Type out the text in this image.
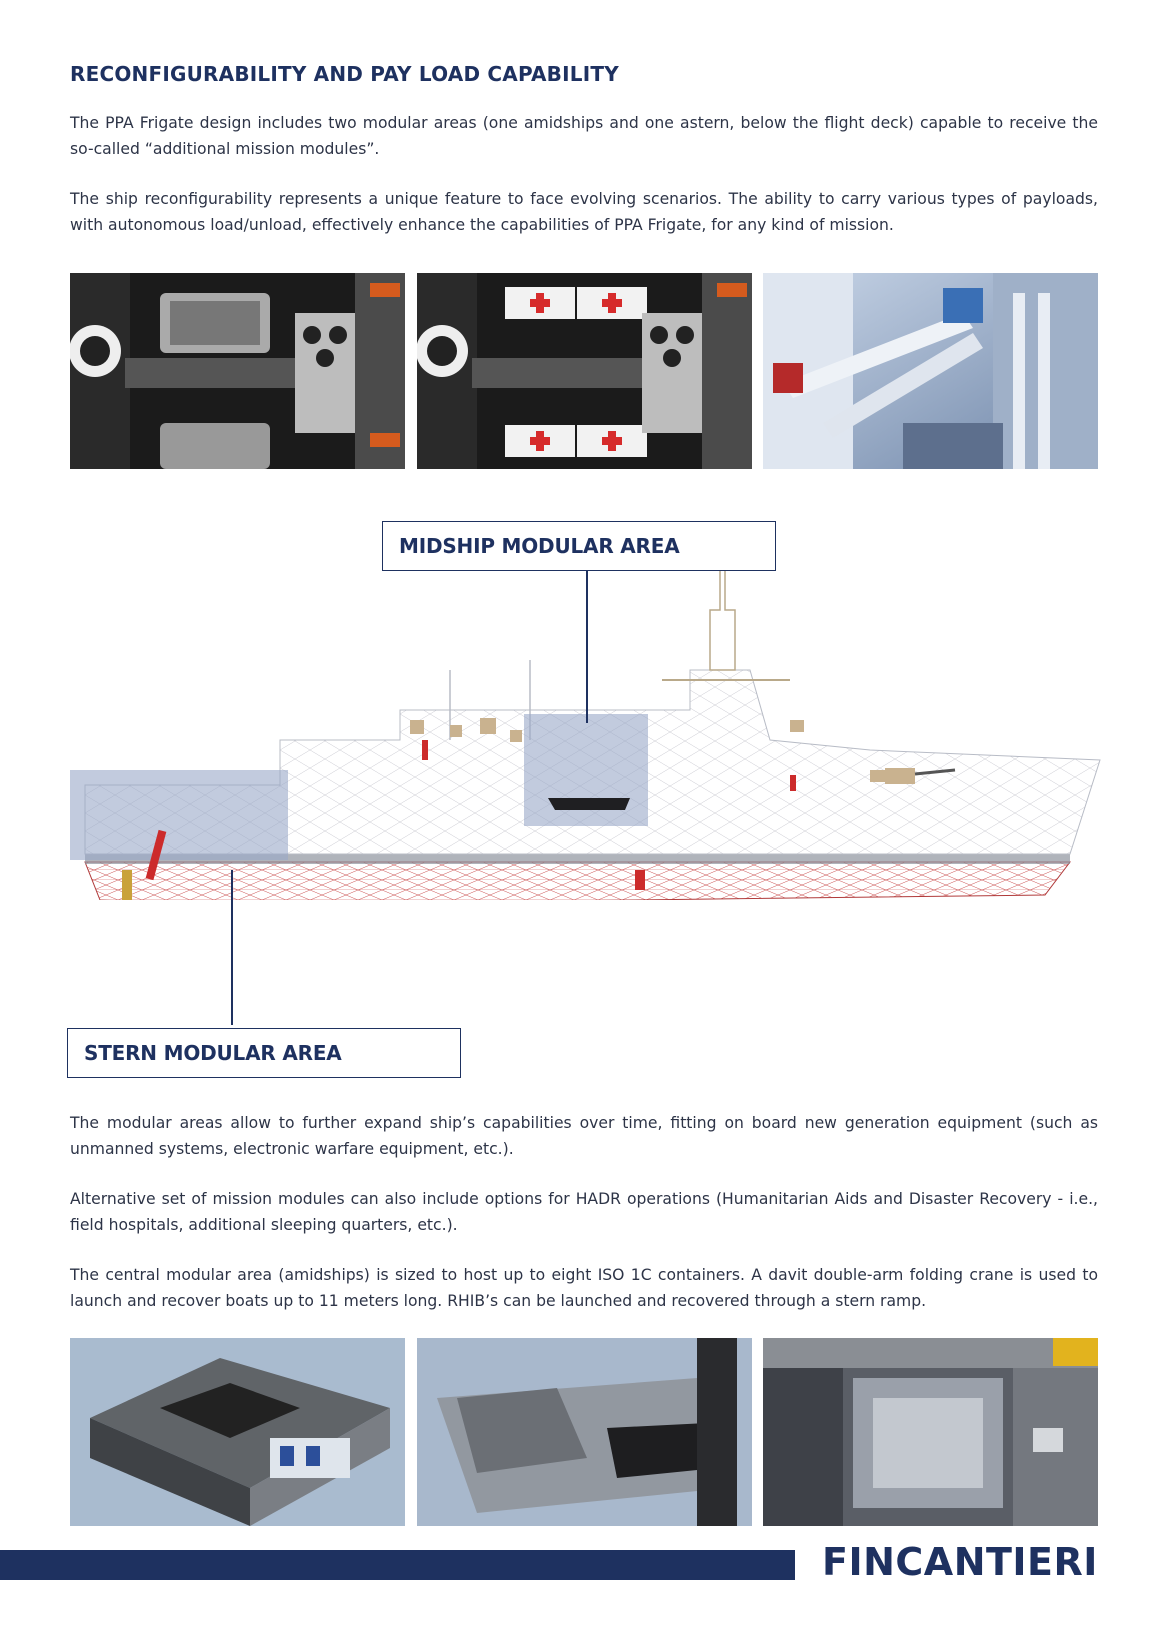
RECONFIGURABILITY AND PAY LOAD CAPABILITY

The PPA Frigate design includes two modular areas (one amidships and one astern, below the flight deck) capable to receive the so-called “additional mission modules”.

The ship reconfigurability represents a unique feature to face evolving scenarios. The ability to carry various types of payloads, with autonomous load/unload, effectively enhance the capabilities of PPA Frigate, for any kind of mission.

MIDSHIP MODULAR AREA
STERN MODULAR AREA

The modular areas allow to further expand ship’s capabilities over time, fitting on board new generation equipment (such as unmanned systems, electronic warfare equipment, etc.).

Alternative set of mission modules can also include options for HADR operations (Humanitarian Aids and Disaster Recovery - i.e., field hospitals, additional sleeping quarters, etc.).

The central modular area (amidships) is sized to host up to eight ISO 1C containers. A davit double-arm folding crane is used to launch and recover boats up to 11 meters long. RHIB’s can be launched and recovered through a stern ramp.

FINCANTIERI
